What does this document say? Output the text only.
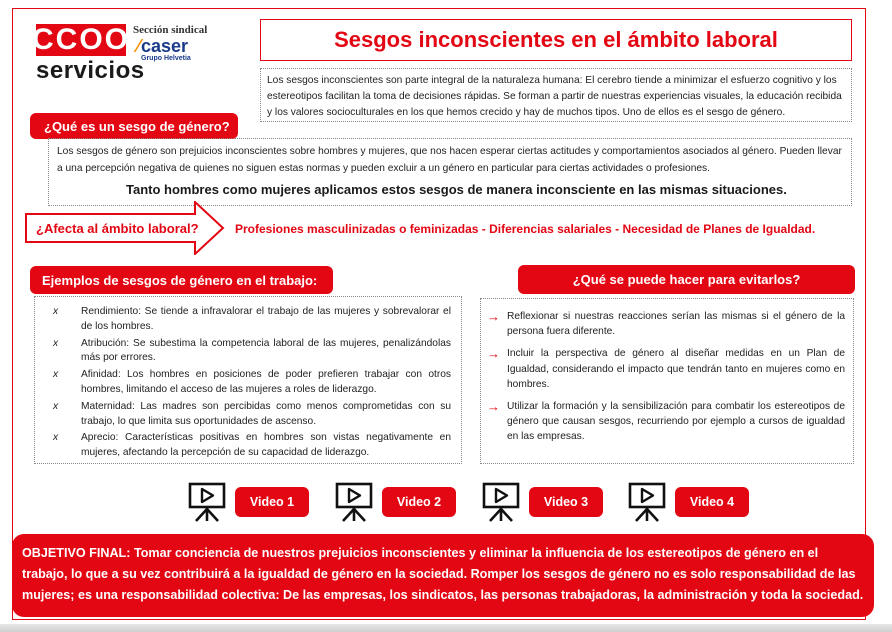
CCOO
servicios
Sección sindical
⁄caser
Grupo Helvetia
Sesgos inconscientes en el ámbito laboral
Los sesgos inconscientes son parte integral de la naturaleza humana: El cerebro tiende a minimizar el esfuerzo cognitivo y los estereotipos facilitan la toma de decisiones rápidas. Se forman a partir de nuestras experiencias visuales, la educación recibida y los valores socioculturales en los que hemos crecido y hay de muchos tipos. Uno de ellos es el sesgo de género.
¿Qué es un sesgo de género?

Los sesgos de género son prejuicios inconscientes sobre hombres y mujeres, que nos hacen esperar ciertas actitudes y comportamientos asociados al género. Pueden llevar a una percepción negativa de quienes no siguen estas normas y pueden excluir a un género en particular para ciertas actividades o profesiones.

Tanto hombres como mujeres aplicamos estos sesgos de manera inconsciente en las mismas situaciones.
¿Afecta al ámbito laboral?	Profesiones masculinizadas o feminizadas - Diferencias salariales - Necesidad de Planes de Igualdad.
Ejemplos de sesgos de género en el trabajo:
x	Rendimiento: Se tiende a infravalorar el trabajo de las mujeres y sobrevalorar el de los hombres.
x	Atribución: Se subestima la competencia laboral de las mujeres, penalizándolas más por errores.
x	Afinidad: Los hombres en posiciones de poder prefieren trabajar con otros hombres, limitando el acceso de las mujeres a roles de liderazgo.
x	Maternidad: Las madres son percibidas como menos comprometidas con su trabajo, lo que limita sus oportunidades de ascenso.
x	Aprecio: Características positivas en hombres son vistas negativamente en mujeres, afectando la percepción de su capacidad de liderazgo.
¿Qué se puede hacer para evitarlos?
→ Reflexionar si nuestras reacciones serían las mismas si el género de la persona fuera diferente.
→ Incluir la perspectiva de género al diseñar medidas en un Plan de Igualdad, considerando el impacto que tendrán tanto en mujeres como en hombres.
→ Utilizar la formación y la sensibilización para combatir los estereotipos de género que causan sesgos, recurriendo por ejemplo a cursos de igualdad en las empresas.
Video 1	Video 2	Video 3	Video 4
OBJETIVO FINAL: Tomar conciencia de nuestros prejuicios inconscientes y eliminar la influencia de los estereotipos de género en el trabajo, lo que a su vez contribuirá a la igualdad de género en la sociedad. Romper los sesgos de género no es solo responsabilidad de las mujeres; es una responsabilidad colectiva: De las empresas, los sindicatos, las personas trabajadoras, la administración y toda la sociedad.
